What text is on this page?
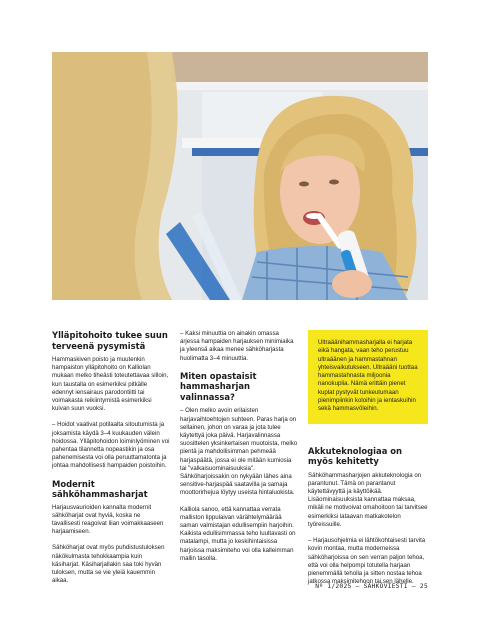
Ylläpitohoito tukee suun terveenä pysymistä

Hammaskiven poisto ja muutenkin hampaiston ylläpitohoito on Kalliolan mukaan melko tiheästi toteutettavaa silloin, kun taustalla on esimerkiksi pitkälle edennyt iensairaus parodontiitti tai voimakasta reikiintymistä esimerkiksi kuivan suun vuoksi.

– Hoidot vaativat potilaalta sitoutumista ja joksamista käydä 3–4 kuukauden välein hoidossa. Ylläpitohoidon loiminlyöminen voi pahentaa tilannetta nopeastikin ja osa pahenemisesta voi olla peruuttamatonta ja johtaa mahdollisesti hampaiden poistoihin.

Modernit sähköhammasharjat

Harjausvaurioiden kannalta modernit sähköharjat ovat hyviä, koska ne tavallisesti reagoivat liian voimakkaaseen harjaamiseen.

Sähköharjat ovat myös puhdistustuloksen näkökulmasta tehokkaampia kuin käsiharjat. Käsiharjallakin saa toki hyvän tuloksen, mutta se vie yleiä kauemmin aikaa.

– Kaksi minuuttia on ainakin omassa arjessa hampaiden harjauksen minimiaika ja yleensä aikaa menee sähköharjasta huolimatta 3–4 minuuttia.

Miten opastaisit hammasharjan valinnassa?

– Olen melko avoin erilaisten harjavaihtoehtojen suhteen. Paras harja on sellainen, johon on varaa ja jota tulee käytettyä joka päivä. Harjavalinnassa suosittelen yksinkertaisen muotoista, melko pientä ja mahdollisimman pehmeää harjaspäätä, jossa ei ole mitään kumiosia tai "valkaisuominaisuuksia". Sähköharjoissakin on nykyään lähes aina sensitive-harjaspää saatavilla ja samaja moottorirhejua löytyy useista hintaluokista.

Kalliola sanoo, että kannattaa verrata malliston lippulaivan värähtelymäärää saman valmistajan edullisempiin harjoihin. Kaikista edullisimmassa teho luultavasti on matalampi, mutta jo keskihintaisissa harjoissa maksimiteho voi olla kalleimman mallin tasolla.

Ultraäänihammasharjalla ei harjata eikä hangata, vaan teho perustuu ultraäänen ja hammastahnan yhteisvaikutukseen. Ultraääni tuottaa hammastahnasta miljoonia nanokuplia. Nämä erittäin pienet kuplat pystyvät tunkeutumaan pienimpiinkin koloihin ja ientaskuihin sekä hammasvöleihin.

Akkuteknologiaa on myös kehitetty

Sähköhammasharjojen akkuteknologia on parantunut. Tämä on parantanut käytettävyyttä ja käyttöikää. Lisäominaisuuksista kannattaa maksaa, mikäli ne motivoivat omahoitoon tai tarvitsee esimerkiksi lataavan matkakotelon työreissuille.

– Harjausohjelmia ei lähtökohtaisesti tarvita kovin montaa, mutta moderneissa sähköharjoissa on sen verran paljon tehoa, että voi olla helpompi totutella harjaan pienemmällä teholla ja sitten nostaa tehoa jatkossa maksimitehoon tai sen lähelle.

Nº 1/2025 – SÄHKÖVIESTI – 25
